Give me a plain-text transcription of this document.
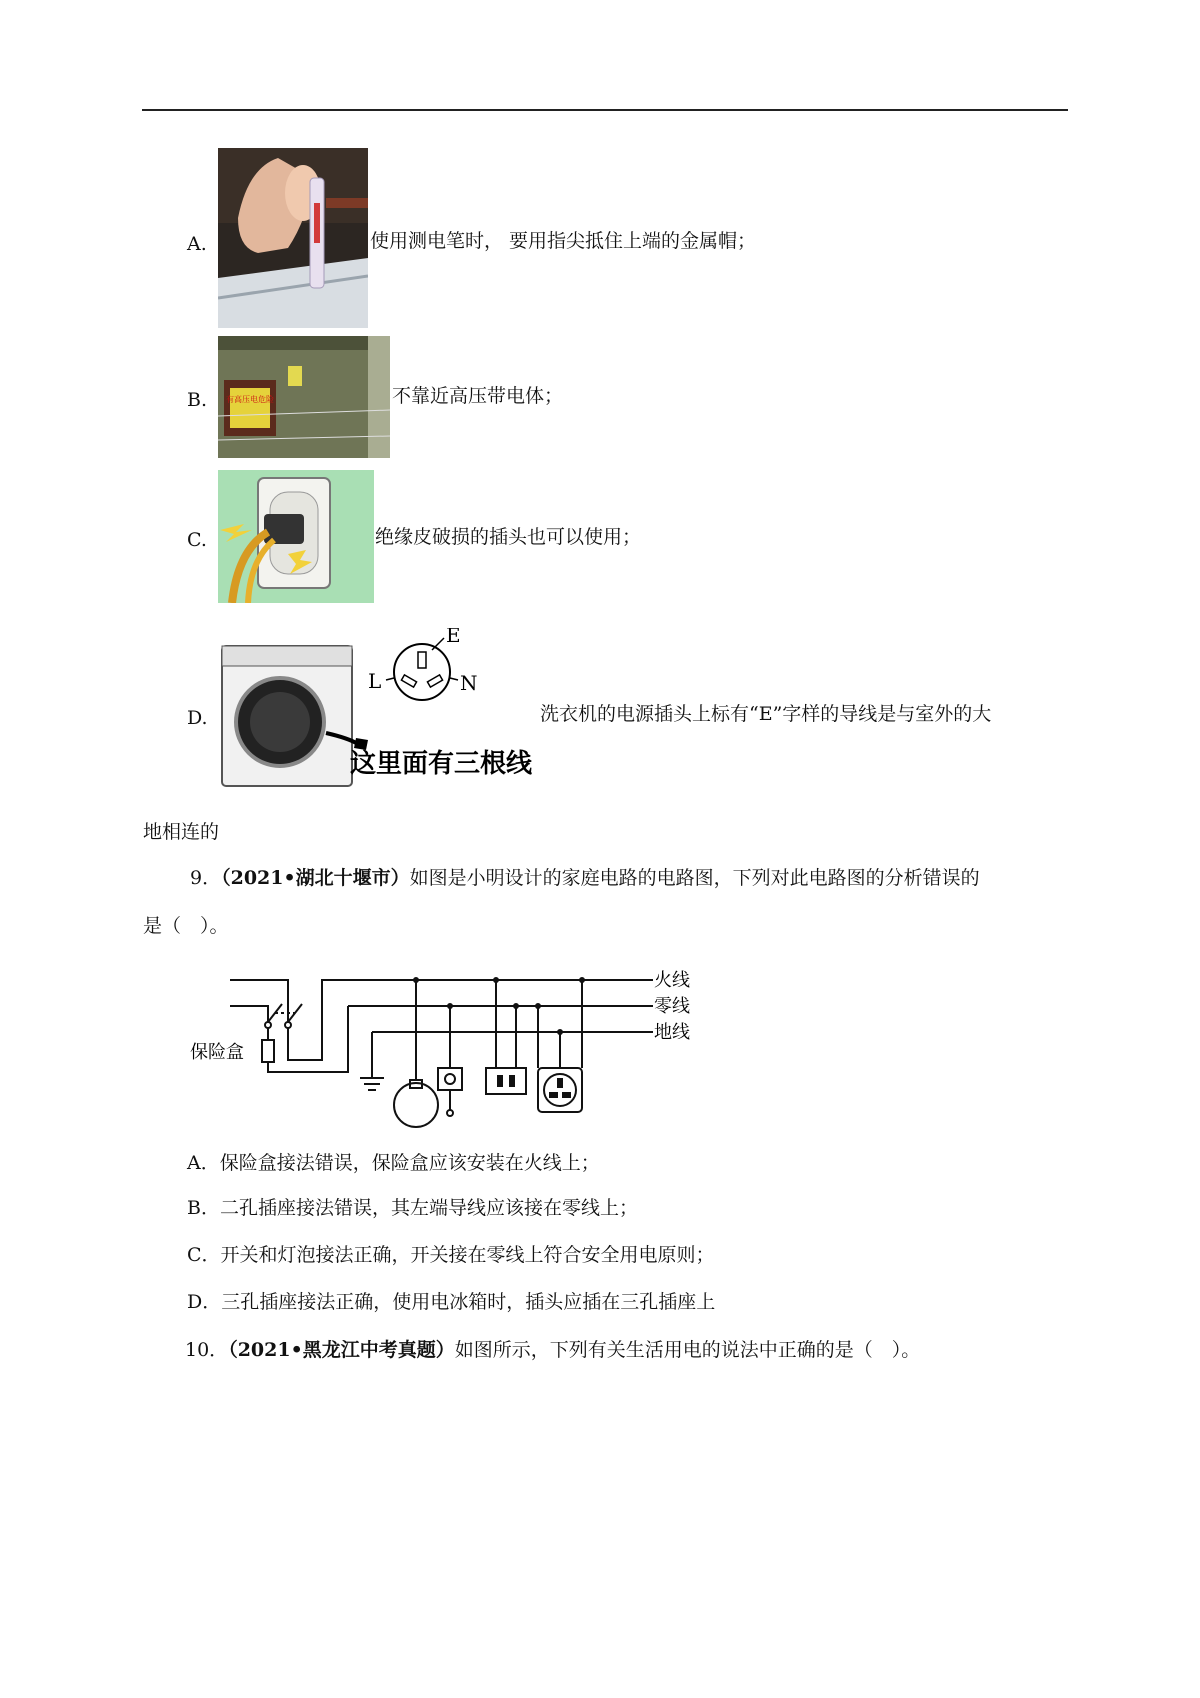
A.	使用测电笔时， 要用指尖抵住上端的金属帽；
B. 有高压电危险	不靠近高压带电体；
C.	绝缘皮破损的插头也可以使用；
D.
E
L	N
这里面有三根线
洗衣机的电源插头上标有“E”字样的导线是与室外的大
地相连的
9．（2021•湖北十堰市）如图是小明设计的家庭电路的电路图，下列对此电路图的分析错误的
是（　）。
火线
零线
地线
保险盒
A．保险盒接法错误，保险盒应该安装在火线上；
B．二孔插座接法错误，其左端导线应该接在零线上；
C．开关和灯泡接法正确，开关接在零线上符合安全用电原则；
D．三孔插座接法正确，使用电冰箱时，插头应插在三孔插座上
10．（2021•黑龙江中考真题）如图所示，下列有关生活用电的说法中正确的是（　）。
